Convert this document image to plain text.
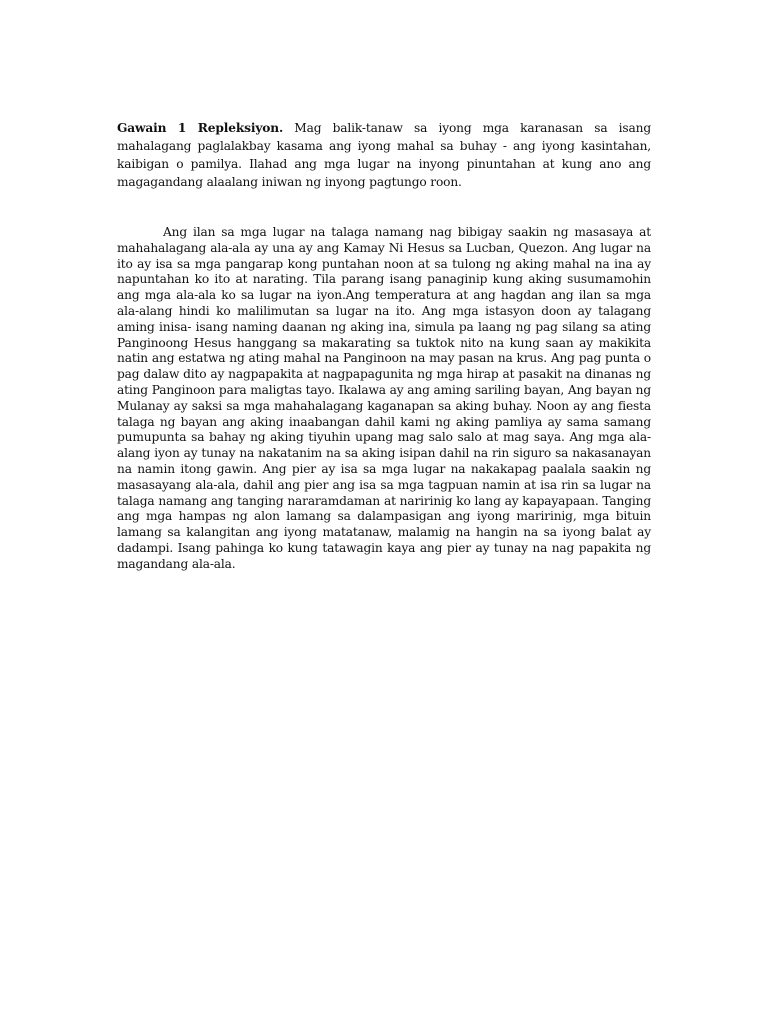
Gawain 1 Repleksiyon. Mag balik-tanaw sa iyong mga karanasan sa isang mahalagang paglalakbay kasama ang iyong mahal sa buhay - ang iyong kasintahan, kaibigan o pamilya. Ilahad ang mga lugar na inyong pinuntahan at kung ano ang magagandang alaalang iniwan ng inyong pagtungo roon.

Ang ilan sa mga lugar na talaga namang nag bibigay saakin ng masasaya at mahahalagang ala-ala ay una ay ang Kamay Ni Hesus sa Lucban, Quezon. Ang lugar na ito ay isa sa mga pangarap kong puntahan noon at sa tulong ng aking mahal na ina ay napuntahan ko ito at narating. Tila parang isang panaginip kung aking susumamohin ang mga ala-ala ko sa lugar na iyon.Ang temperatura at ang hagdan ang ilan sa mga ala-alang hindi ko malilimutan sa lugar na ito. Ang mga istasyon doon ay talagang aming inisa- isang naming daanan ng aking ina, simula pa laang ng pag silang sa ating Panginoong Hesus hanggang sa makarating sa tuktok nito na kung saan ay makikita natin ang estatwa ng ating mahal na Panginoon na may pasan na krus. Ang pag punta o pag dalaw dito ay nagpapakita at nagpapagunita ng mga hirap at pasakit na dinanas ng ating Panginoon para maligtas tayo. Ikalawa ay ang aming sariling bayan, Ang bayan ng Mulanay ay saksi sa mga mahahalagang kaganapan sa aking buhay. Noon ay ang fiesta talaga ng bayan ang aking inaabangan dahil kami ng aking pamliya ay sama samang pumupunta sa bahay ng aking tiyuhin upang mag salo salo at mag saya. Ang mga ala-alang iyon ay tunay na nakatanim na sa aking isipan dahil na rin siguro sa nakasanayan na namin itong gawin. Ang pier ay isa sa mga lugar na nakakapag paalala saakin ng masasayang ala-ala, dahil ang pier ang isa sa mga tagpuan namin at isa rin sa lugar na talaga namang ang tanging nararamdaman at naririnig ko lang ay kapayapaan. Tanging ang mga hampas ng alon lamang sa dalampasigan ang iyong maririnig, mga bituin lamang sa kalangitan ang iyong matatanaw, malamig na hangin na sa iyong balat ay dadampi. Isang pahinga ko kung tatawagin kaya ang pier ay tunay na nag papakita ng magandang ala-ala.
